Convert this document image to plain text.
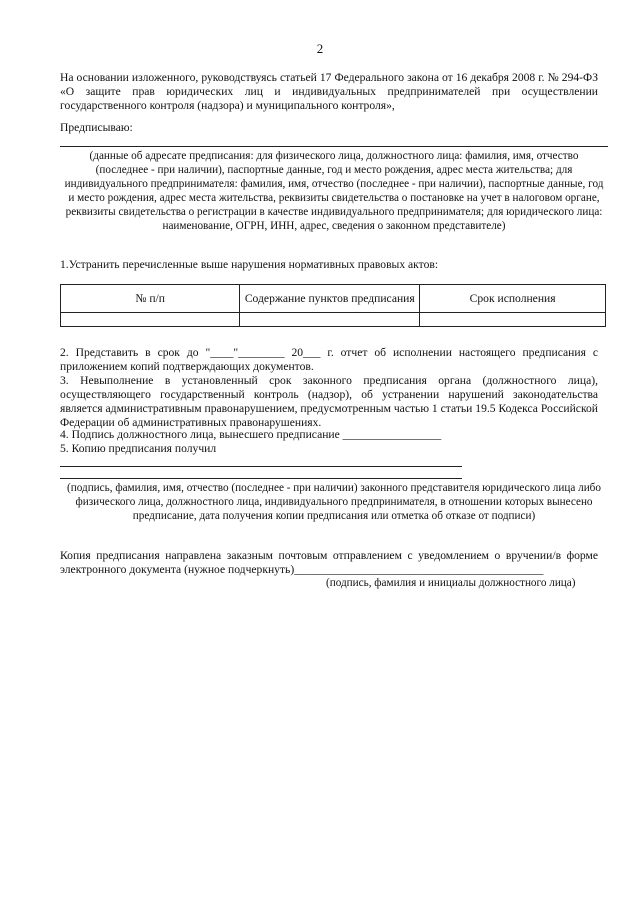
2
На основании изложенного, руководствуясь статьей 17 Федерального закона от 16 декабря 2008 г. № 294-ФЗ «О защите прав юридических лиц и индивидуальных предпринимателей при осуществлении государственного контроля (надзора) и муниципального контроля»,
Предписываю:
(данные об адресате предписания: для физического лица, должностного лица: фамилия, имя, отчество (последнее - при наличии), паспортные данные, год и место рождения, адрес места жительства; для индивидуального предпринимателя: фамилия, имя, отчество (последнее - при наличии), паспортные данные, год и место рождения, адрес места жительства, реквизиты свидетельства о постановке на учет в налоговом органе, реквизиты свидетельства о регистрации в качестве индивидуального предпринимателя; для юридического лица: наименование, ОГРН, ИНН, адрес, сведения о законном представителе)
1.Устранить перечисленные выше нарушения нормативных правовых актов:
№ п/п	Содержание пунктов предписания	Срок исполнения

2. Представить в срок до "____"________ 20___ г. отчет об исполнении настоящего предписания с приложением копий подтверждающих документов.
3. Невыполнение в установленный срок законного предписания органа (должностного лица), осуществляющего государственный контроль (надзор), об устранении нарушений законодательства является административным правонарушением, предусмотренным частью 1 статьи 19.5 Кодекса Российской Федерации об административных правонарушениях.
4. Подпись должностного лица, вынесшего предписание _________________
5. Копию предписания получил
(подпись, фамилия, имя, отчество (последнее - при наличии) законного представителя юридического лица либо физического лица, должностного лица, индивидуального предпринимателя, в отношении которых вынесено предписание, дата получения копии предписания или отметка об отказе от подписи)
Копия предписания направлена заказным почтовым отправлением с уведомлением о вручении/в форме электронного документа (нужное подчеркнуть)___________________________________________
(подпись, фамилия и инициалы должностного лица)
